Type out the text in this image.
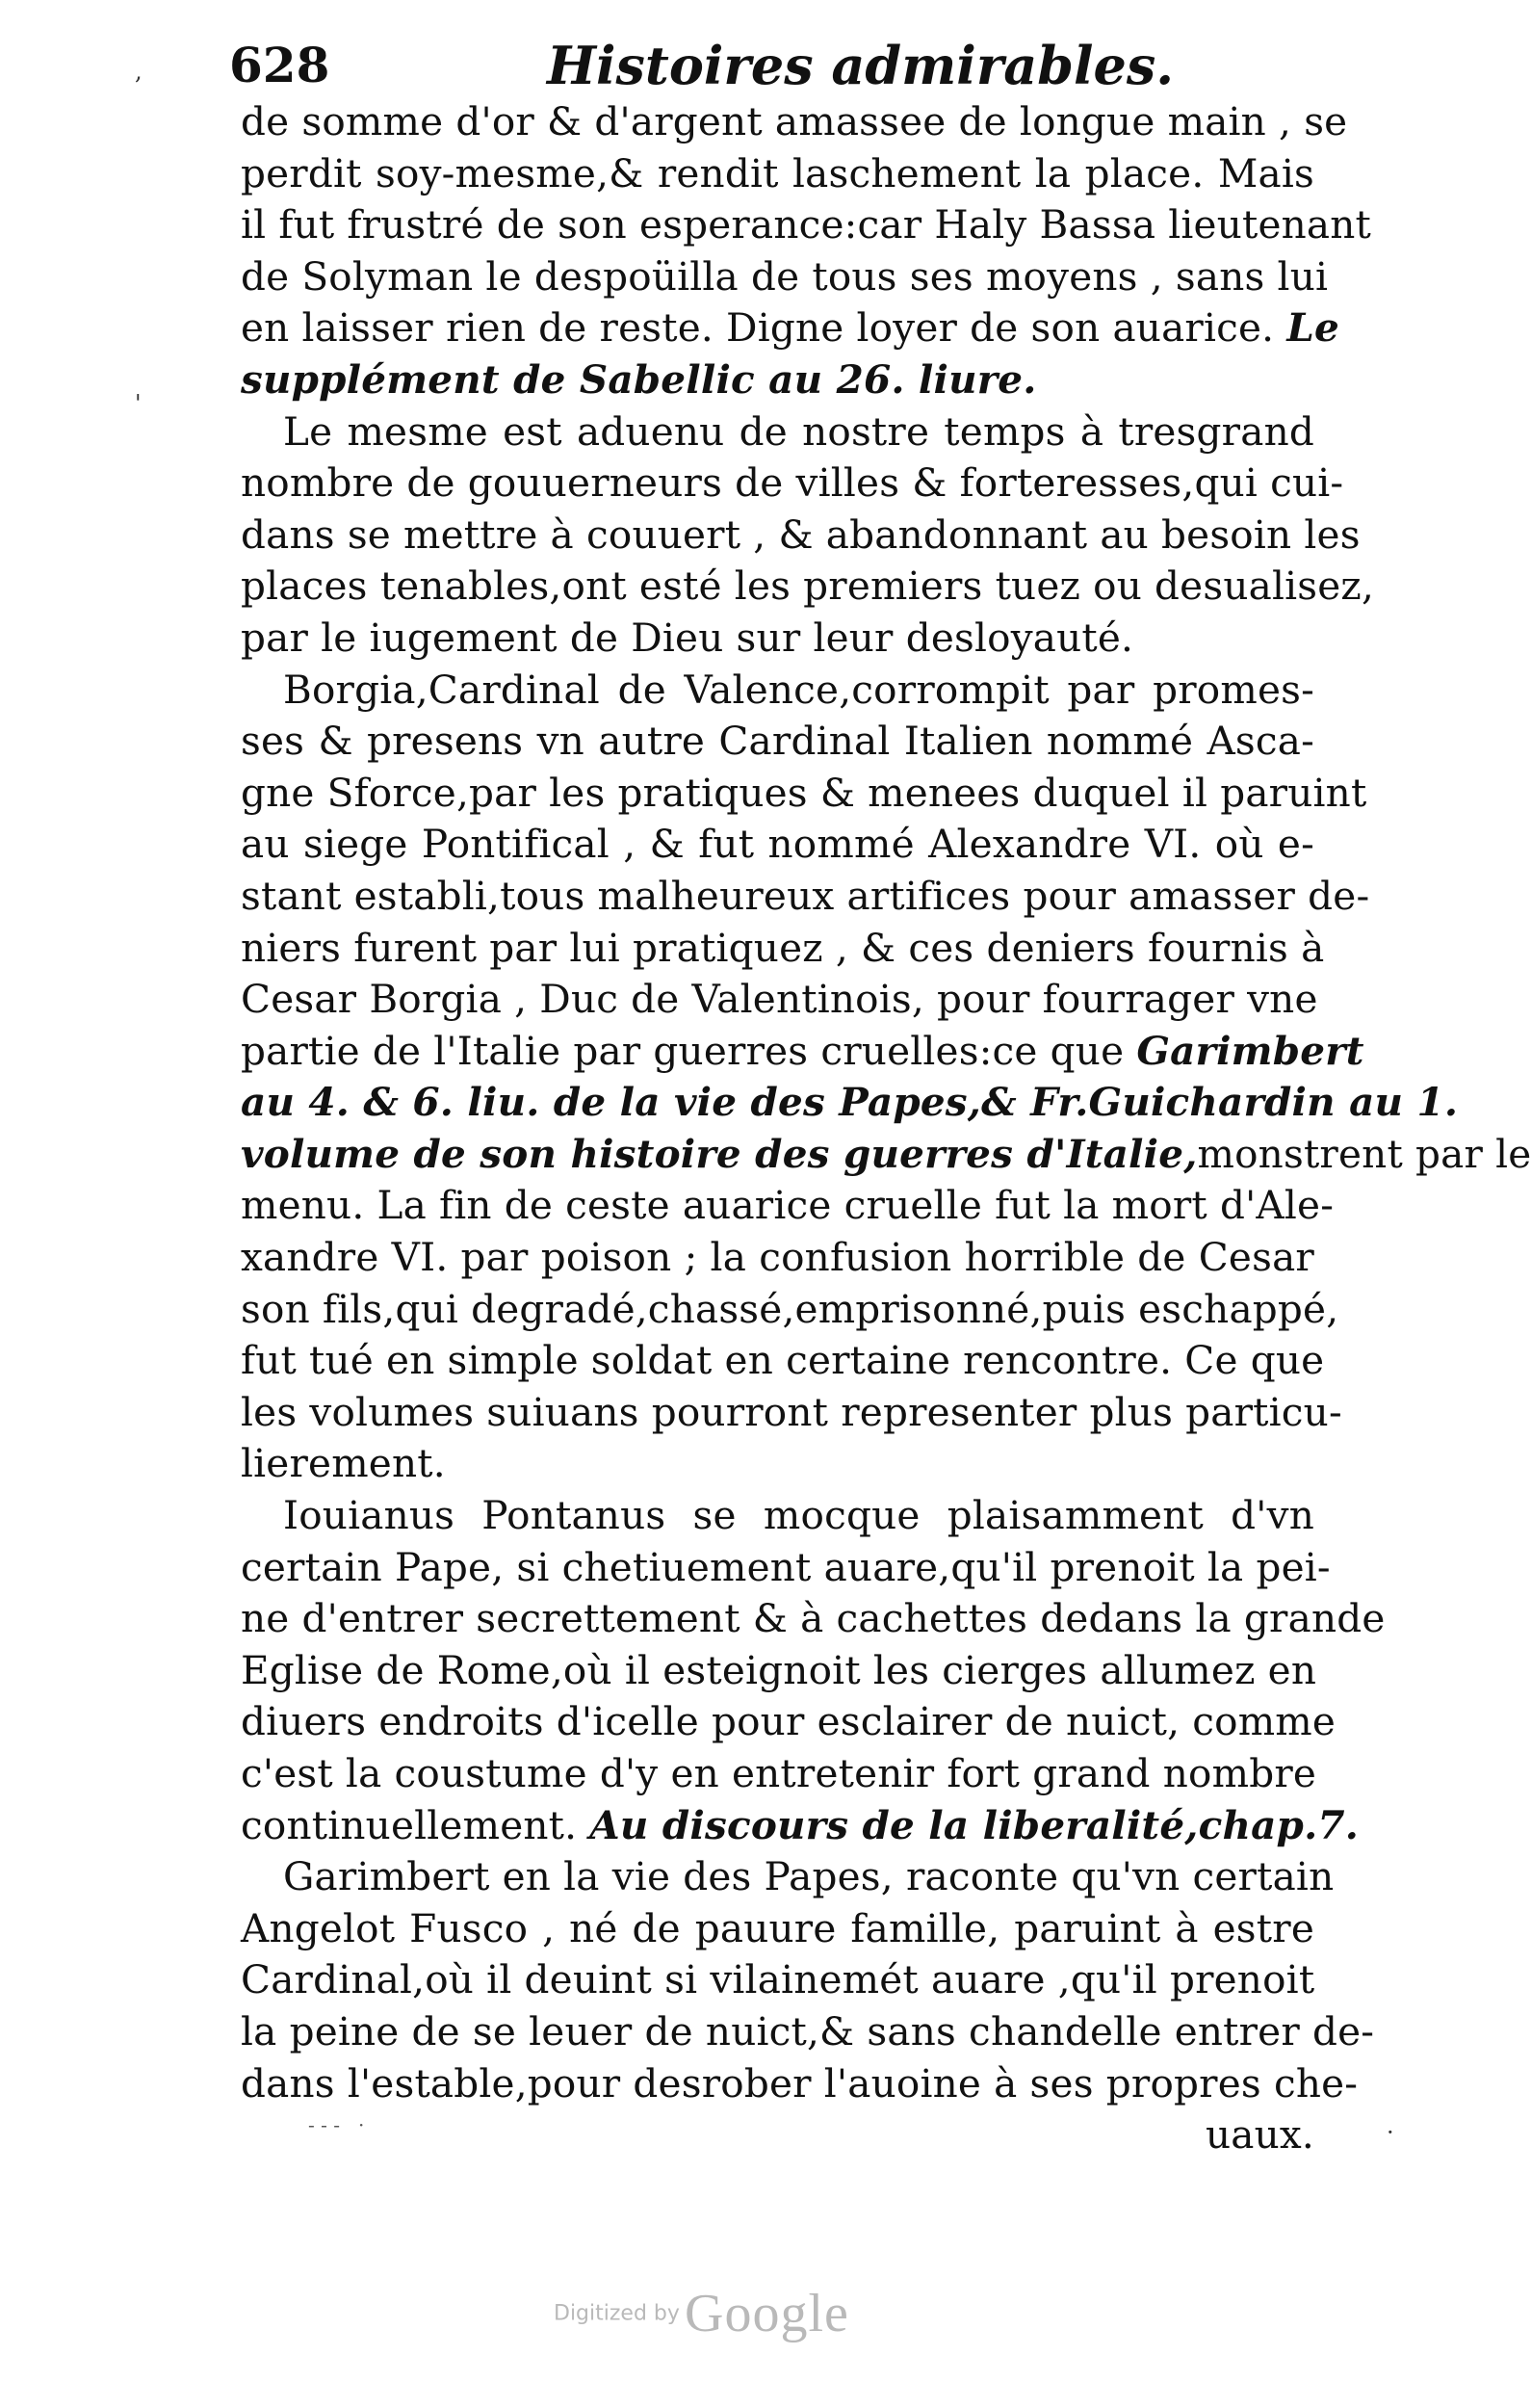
628	Histoires admirables.
de somme d'or & d'argent amassee de longue main , se
perdit soy-mesme,& rendit laschement la place. Mais
il fut frustré de son esperance:car Haly Bassa lieutenant
de Solyman le despoüilla de tous ses moyens , sans lui
en laisser rien de reste. Digne loyer de son auarice. Le
supplément de Sabellic au 26. liure.
Le mesme est aduenu de nostre temps à tresgrand
nombre de gouuerneurs de villes & forteresses,qui cui-
dans se mettre à couuert , & abandonnant au besoin les
places tenables,ont esté les premiers tuez ou desualisez,
par le iugement de Dieu sur leur desloyauté.
Borgia,Cardinal de Valence,corrompit par promes-
ses & presens vn autre Cardinal Italien nommé Asca-
gne Sforce,par les pratiques & menees duquel il paruint
au siege Pontifical , & fut nommé Alexandre VI. où e-
stant establi,tous malheureux artifices pour amasser de-
niers furent par lui pratiquez , & ces deniers fournis à
Cesar Borgia , Duc de Valentinois, pour fourrager vne
partie de l'Italie par guerres cruelles:ce que Garimbert
au 4. & 6. liu. de la vie des Papes,& Fr.Guichardin au 1.
volume de son histoire des guerres d'Italie,monstrent par le
menu. La fin de ceste auarice cruelle fut la mort d'Ale-
xandre VI. par poison ; la confusion horrible de Cesar
son fils,qui degradé,chassé,emprisonné,puis eschappé,
fut tué en simple soldat en certaine rencontre. Ce que
les volumes suiuans pourront representer plus particu-
lierement.
Iouianus Pontanus se mocque plaisamment d'vn
certain Pape, si chetiuement auare,qu'il prenoit la pei-
ne d'entrer secrettement & à cachettes dedans la grande
Eglise de Rome,où il esteignoit les cierges allumez en
diuers endroits d'icelle pour esclairer de nuict, comme
c'est la coustume d'y en entretenir fort grand nombre
continuellement. Au discours de la liberalité,chap.7.
Garimbert en la vie des Papes, raconte qu'vn certain
Angelot Fusco , né de pauure famille, paruint à estre
Cardinal,où il deuint si vilainemét auare ,qu'il prenoit
la peine de se leuer de nuict,& sans chandelle entrer de-
dans l'estable,pour desrober l'auoine à ses propres che-
uaux.
‐ ‐ ‐   ·
,
'
·
Digitized by Google
